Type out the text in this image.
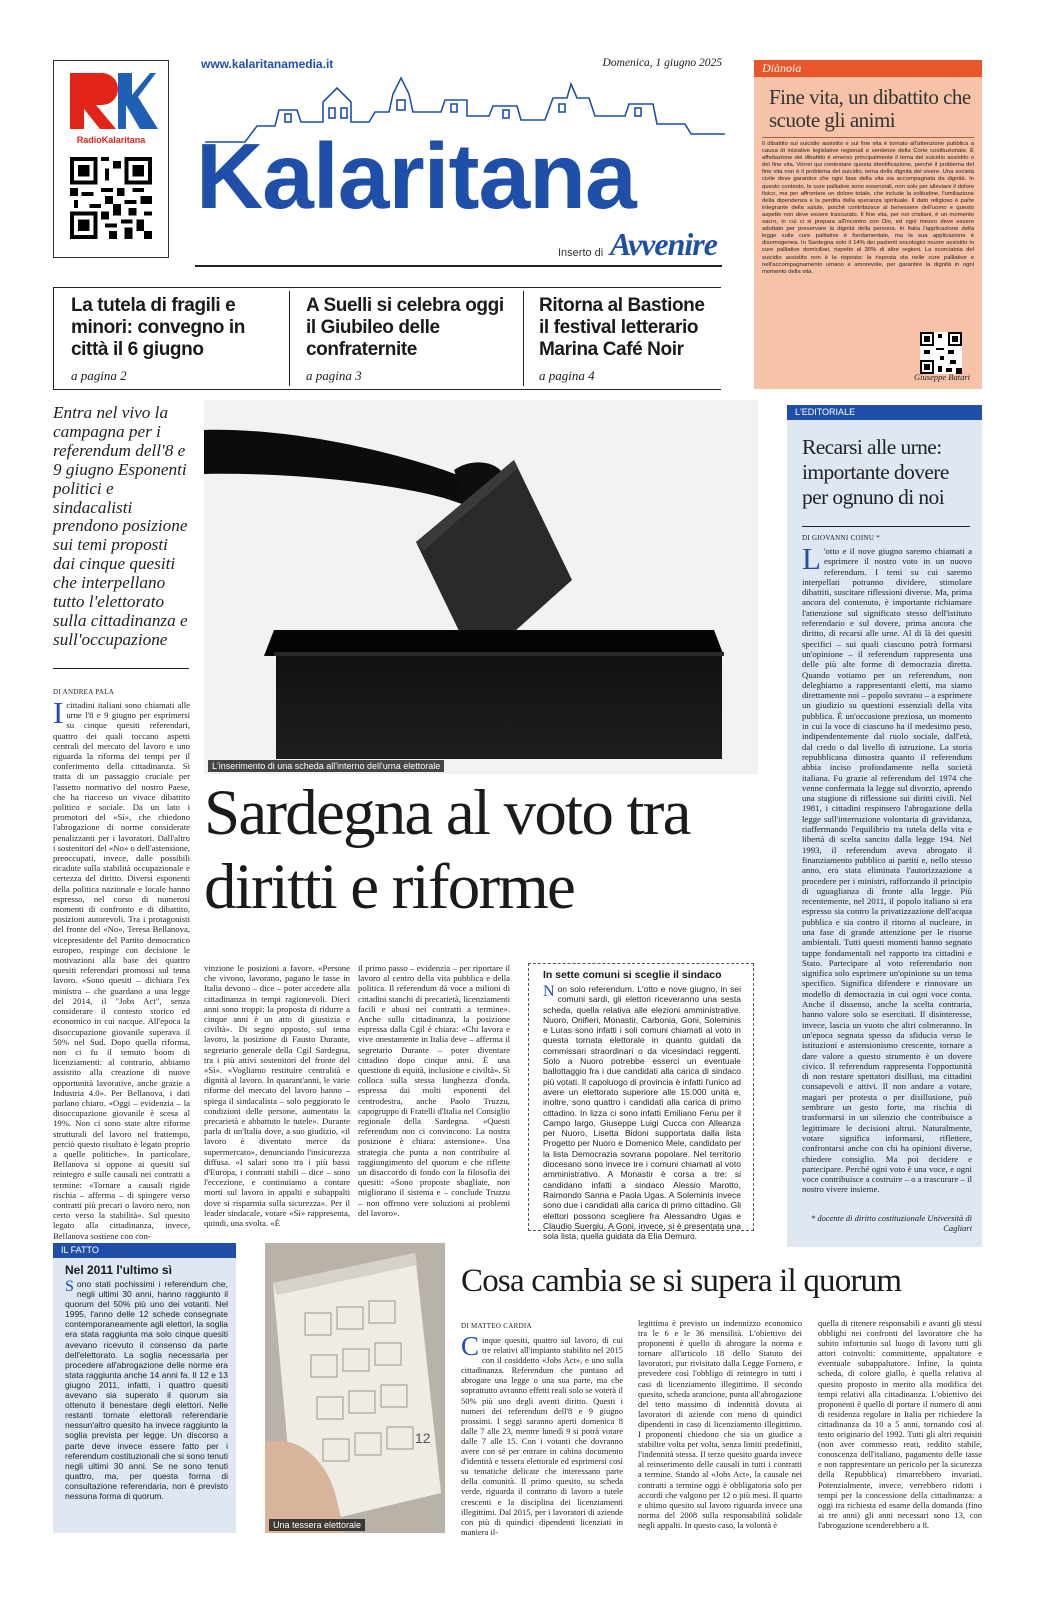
RadioKalaritana
www.kalaritanamedia.it	Domenica, 1 giugno 2025
Kalaritana
Inserto di Avvenire

La tutela di fragili e minori: convegno in città il 6 giugno

a pagina 2

A Suelli si celebra oggi il Giubileo delle confraternite

a pagina 3

Ritorna al Bastione il festival letterario Marina Café Noir

a pagina 4
Diànoia
Fine vita, un dibattito che scuote gli animi

Il dibattito sul suicidio assistito e sul fine vita è tornato all'attenzione pubblica a causa di iniziative legislative regionali e sentenze della Corte costituzionale. È affettazione del dibattito è emerso principalmente il tema del suicidio assistito o del fine vita. Vorrei qui contestare questa identificazione, perché il problema del fine vita non è il problema del suicidio, tema della dignità del vivere. Una società civile deve garantire che ogni fase della vita sia accompagnata da dignità. In questo contesto, le cure palliative sono essenziali, non solo per alleviare il dolore fisico, ma per affrontare un dolore totale, che include la solitudine, l'umiliazione della dipendenza e la perdita della speranza spirituale. Il dato religioso è parte integrante della salute, poiché contribuisce al benessere dell'uomo e questo aspetto non deve essere trascurato. Il fine vita, per noi cristiani, è un momento sacro, in cui ci si prepara all'incontro con Dio, ed ogni mezzo deve essere adottato per preservare la dignità della persona. In Italia l'applicazione della legge sulle cure palliative è fondamentale, ma la sua applicazione è disomogenea. In Sardegna solo il 14% dei pazienti oncologici muore assistito in cure palliative domiciliari, rispetto al 30% di altre regioni. La scorciatoia del suicidio assistito non è la risposta: la risposta sta nelle cure palliative e nell'accompagnamento umano e amorevole, per garantire la dignità in ogni momento della vita.

Giuseppe Batari

Entra nel vivo la campagna per i referendum dell'8 e 9 giugno Esponenti politici e sindacalisti prendono posizione sui temi proposti dai cinque quesiti che interpellano tutto l'elettorato sulla cittadinanza e sull'occupazione

L'inserimento di una scheda all'interno dell'urna elettorale
Sardegna al voto tra diritti e riforme
DI ANDREA PALA
I cittadini italiani sono chiamati alle urne l'8 e 9 giugno per esprimersi su cinque quesiti referendari, quattro dei quali toccano aspetti centrali del mercato del lavoro e uno riguarda la riforma dei tempi per il conferimento della cittadinanza. Si tratta di un passaggio cruciale per l'assetto normativo del nostro Paese, che ha riacceso un vivace dibattito politico e sociale. Da un lato i promotori del «Sì», che chiedono l'abrogazione di norme considerate penalizzanti per i lavoratori. Dall'altro i sostenitori del «No» o dell'astensione, preoccupati, invece, dalle possibili ricadute sulla stabilità occupazionale e certezza del diritto. Diversi esponenti della politica nazionale e locale hanno espresso, nel corso di numerosi momenti di confronto e di dibattito, posizioni autorevoli. Tra i protagonisti del fronte del «No», Teresa Bellanova, vicepresidente del Partito democratico europeo, respinge con decisione le motivazioni alla base dei quattro quesiti referendari promossi sul tema lavoro. «Sono quesiti – dichiara l'ex ministra – che guardano a una legge del 2014, il "Jobs Act", senza considerare il contesto storico ed economico in cui nacque. All'epoca la disoccupazione giovanile superava il 50% nel Sud. Dopo quella riforma, non ci fu il temuto boom di licenziamenti: al contrario, abbiamo assistito alla creazione di nuove opportunità lavorative, anche grazie a Industria 4.0». Per Bellanova, i dati parlano chiaro. «Oggi – evidenzia – la disoccupazione giovanile è scesa al 19%. Non ci sono state altre riforme strutturali del lavoro nel frattempo, perciò questo risultato è legato proprio a quelle politiche». In particolare, Bellanova si oppone ai quesiti sul reintegro e sulle causali nei contratti a termine: «Tornare a causali rigide rischia – afferma – di spingere verso contratti più precari o lavoro nero, non certo verso la stabilità». Sul quesito legato alla cittadinanza, invece, Bellanova sostiene con con-

vinzione le posizioni a favore. «Persone che vivono, lavorano, pagano le tasse in Italia devono – dice – poter accedere alla cittadinanza in tempi ragionevoli. Dieci anni sono troppi: la proposta di ridurre a cinque anni è un atto di giustizia e civiltà». Di segno opposto, sul tema lavoro, la posizione di Fausto Durante, segretario generale della Cgil Sardegna, tra i più attivi sostenitori del fronte del «Sì». «Vogliamo restituire centralità e dignità al lavoro. In quarant'anni, le varie riforme del mercato del lavoro hanno – spiega il sindacalista – solo peggiorato le condizioni delle persone, aumentato la precarietà e abbattuto le tutele». Durante parla di un'Italia dove, a suo giudizio, «il lavoro è diventato merce da supermercato», denunciando l'insicurezza diffusa. «I salari sono tra i più bassi d'Europa, i contratti stabili – dice – sono l'eccezione, e continuiamo a contare morti sul lavoro in appalti e subappalti dove si risparmia sulla sicurezza». Per il leader sindacale, votare «Sì» rappresenta, quindi, una svolta. «È

il primo passo – evidenzia – per riportare il lavoro al centro della vita pubblica e della politica. Il referendum dà voce a milioni di cittadini stanchi di precarietà, licenziamenti facili e abusi nei contratti a termine». Anche sulla cittadinanza, la posizione espressa dalla Cgil è chiara: «Chi lavora e vive onestamente in Italia deve – afferma il segretario Durante – poter diventare cittadino dopo cinque anni. È una questione di equità, inclusione e civiltà». Si colloca sulla stessa lunghezza d'onda, espressa dai molti esponenti del centrodestra, anche Paolo Truzzu, capogruppo di Fratelli d'Italia nel Consiglio regionale della Sardegna. «Questi referendum non ci convincono. La nostra posizione è chiara: astensione». Una strategia che punta a non contribuire al raggiungimento del quorum e che riflette un disaccordo di fondo con la filosofia dei quesiti: «Sono proposte sbagliate, non migliorano il sistema e – conclude Truzzu – non offrono vere soluzioni ai problemi del lavoro».

In sette comuni si sceglie il sindaco
N on solo referendum. L'otto e nove giugno, in sei comuni sardi, gli elettori riceveranno una sesta scheda, quella relativa alle elezioni amministrative. Nuoro, Onifieri, Monastir, Carbonia, Goni, Soleminis e Luras sono infatti i soli comuni chiamati al voto in questa tornata elettorale in quanto guidati da commissari straordinari o da vicesindaci reggenti. Solo a Nuoro potrebbe esserci un eventuale ballottaggio fra i due candidati alla carica di sindaco più votati. Il capoluogo di provincia è infatti l'unico ad avere un elettorato superiore alle 15.000 unità e, inoltre, sono quattro i candidati alla carica di primo cittadino. In lizza ci sono infatti Emiliano Fenu per il Campo largo, Giuseppe Luigi Cucca con Alleanza per Nuoro, Lisetta Bidoni supportata dalla lista Progetto per Nuoro e Domenico Mele, candidato per la lista Democrazia sovrana popolare. Nel territorio diocesano sono invece tre i comuni chiamati al voto amministrativo. A Monastir è corsa a tre: si candidano infatti a sindaco Alessio Marotto, Raimondo Sanna e Paola Ugas. A Soleminis invece sono due i candidati alla carica di primo cittadino. Gli elettori possono scegliere fra Alessandro Ugas e Claudio Suergiu. A Goni, invece, si è presentata una sola lista, quella guidata da Elia Demuro.

L'EDITORIALE
Recarsi alle urne: importante dovere per ognuno di noi
DI GIOVANNI COINU *
L 'otto e il nove giugno saremo chiamati a esprimere il nostro voto in un nuovo referendum. I temi su cui saremo interpellati potranno dividere, stimolare dibattiti, suscitare riflessioni diverse. Ma, prima ancora del contenuto, è importante richiamare l'attenzione sul significato stesso dell'istituto referendario e sul dovere, prima ancora che diritto, di recarsi alle urne. Al di là dei quesiti specifici – sui quali ciascuno potrà formarsi un'opinione – il referendum rappresenta una delle più alte forme di democrazia diretta. Quando votiamo per un referendum, non deleghiamo a rappresentanti eletti, ma siamo direttamente noi – popolo sovrano – a esprimere un giudizio su questioni essenziali della vita pubblica. È un'occasione preziosa, un momento in cui la voce di ciascuno ha il medesimo peso, indipendentemente dal ruolo sociale, dall'età, dal credo o dal livello di istruzione. La storia repubblicana dimostra quanto il referendum abbia inciso profondamente nella società italiana. Fu grazie al referendum del 1974 che venne confermata la legge sul divorzio, aprendo una stagione di riflessione sui diritti civili. Nel 1981, i cittadini respinsero l'abrogazione della legge sull'interruzione volontaria di gravidanza, riaffermando l'equilibrio tra tutela della vita e libertà di scelta sancito dalla legge 194. Nel 1993, il referendum aveva abrogato il finanziamento pubblico ai partiti e, nello stesso anno, era stata eliminata l'autorizzazione a procedere per i ministri, rafforzando il principio di uguaglianza di fronte alla legge. Più recentemente, nel 2011, il popolo italiano si era espresso sia contro la privatizzazione dell'acqua pubblica e sia contro il ritorno al nucleare, in una fase di grande attenzione per le risorse ambientali. Tutti questi momenti hanno segnato tappe fondamentali nel rapporto tra cittadini e Stato. Partecipare al voto referendario non significa solo esprimere un'opinione su un tema specifico. Significa difendere e rinnovare un modello di democrazia in cui ogni voce conta. Anche il dissenso, anche la scelta contraria, hanno valore solo se esercitati. Il disinteresse, invece, lascia un vuoto che altri colmeranno. In un'epoca segnata spesso da sfiducia verso le istituzioni e astensionismo crescente, tornare a dare valore a questo strumento è un dovere civico. Il referendum rappresenta l'opportunità di non restare spettatori disillusi, ma cittadini consapevoli e attivi. Il non andare a votare, magari per protesta o per disillusione, può sembrare un gesto forte, ma rischia di trasformarsi in un silenzio che contribuisce a legittimare le decisioni altrui. Naturalmente, votare significa informarsi, riflettere, confrontarsi anche con chi ha opinioni diverse, chiedere consiglio. Ma poi decidere e partecipare. Perché ogni voto è una voce, e ogni voce contribuisce a costruire – o a trascurare – il nostro vivere insieme.

* docente di diritto costituzionale Università di Cagliari
IL FATTO
Nel 2011 l'ultimo sì
S ono stati pochissimi i referendum che, negli ultimi 30 anni, hanno raggiunto il quorum del 50% più uno dei votanti. Nel 1995, l'anno delle 12 schede consegnate contemporaneamente agli elettori, la soglia era stata raggiunta ma solo cinque quesiti avevano ricevuto il consenso da parte dell'elettorato. La soglia necessaria per procedere all'abrogazione delle norme era stata raggiunta anche 14 anni fa. Il 12 e 13 giugno 2011, infatti, i quattro quesiti avevano sia superato il quorum sia ottenuto il benestare degli elettori. Nelle restanti tornate elettorali referendarie nessun'altro quesito ha invece raggiunto la soglia prevista per legge. Un discorso a parte deve invece essere fatto per i referendum costituzionali che si sono tenuti negli ultimi 30 anni. Se ne sono tenuti quattro, ma, per questa forma di consultazione referendaria, non è previsto nessuna forma di quorum.

12
Una tessera elettorale
Cosa cambia se si supera il quorum
DI MATTEO CARDIA
C inque quesiti, quattro sul lavoro, di cui tre relativi all'impianto stabilito nel 2015 con il cosiddetto «Jobs Act», e uno sulla cittadinanza. Referendum che puntano ad abrogare una legge o una sua parte, ma che soprattutto avranno effetti reali solo se voterà il 50% più uno degli aventi diritto. Questi i numeri dei referendum dell'8 e 9 giugno prossimi. I seggi saranno aperti domenica 8 dalle 7 alle 23, mentre lunedì 9 si potrà votare dalle 7 alle 15. Con i votanti che dovranno avere con sé per entrare in cabina documento d'identità e tessera elettorale ed esprimersi così su tematiche delicate che interessano parte della comunità. Il primo quesito, su scheda verde, riguarda il contratto di lavoro a tutele crescenti e la disciplina dei licenziamenti illegittimi. Dal 2015, per i lavoratori di aziende con più di quindici dipendenti licenziati in maniera il-

legittima è previsto un indennizzo economico tra le 6 e le 36 mensilità. L'obiettivo dei proponenti è quello di abrogare la norma e tornare all'articolo 18 dello Statuto dei lavoratori, pur rivisitato dalla Legge Fornero, e prevedere così l'obbligo di reintegro in tutti i casi di licenziamento illegittimo. Il secondo quesito, scheda arancione, punta all'abrogazione del tetto massimo di indennità dovuta ai lavoratori di aziende con meno di quindici dipendenti in caso di licenziamento illegittimo. I proponenti chiedono che sia un giudice a stabilire volta per volta, senza limiti predefiniti, l'indennità stessa. Il terzo quesito guarda invece al reinserimento delle causali in tutti i contratti a termine. Stando al «Jobs Act», la causale nei contratti a termine oggi è obbligatoria solo per accordi che valgono per 12 o più mesi. Il quarto e ultimo quesito sul lavoro riguarda invece una norma del 2008 sulla responsabilità solidale negli appalti. In questo caso, la volontà è

quella di ritenere responsabili e avanti gli stessi obblighi nei confronti del lavoratore che ha subito infortunio sul luogo di lavoro tutti gli attori coinvolti: committente, appaltatore e eventuale subappaltatore. Infine, la quinta scheda, di colore giallo, è quella relativa al quesito proposto in merito alla modifica dei tempi relativi alla cittadinanza. L'obiettivo dei proponenti è quello di portare il numero di anni di residenza regolare in Italia per richiedere la cittadinanza da 10 a 5 anni, tornando così al testo originario del 1992. Tutti gli altri requisiti (non aver commesso reati, reddito stabile, conoscenza dell'italiano, pagamento delle tasse e non rappresentare un pericolo per la sicurezza della Repubblica) rimarrebbero invariati. Potenzialmente, invece, verrebbero ridotti i tempi per la concessione della cittadinanza: a oggi tra richiesta ed esame della domanda (fino ai tre anni) gli anni necessari sono 13, con l'abrogazione scenderebbero a 8.
